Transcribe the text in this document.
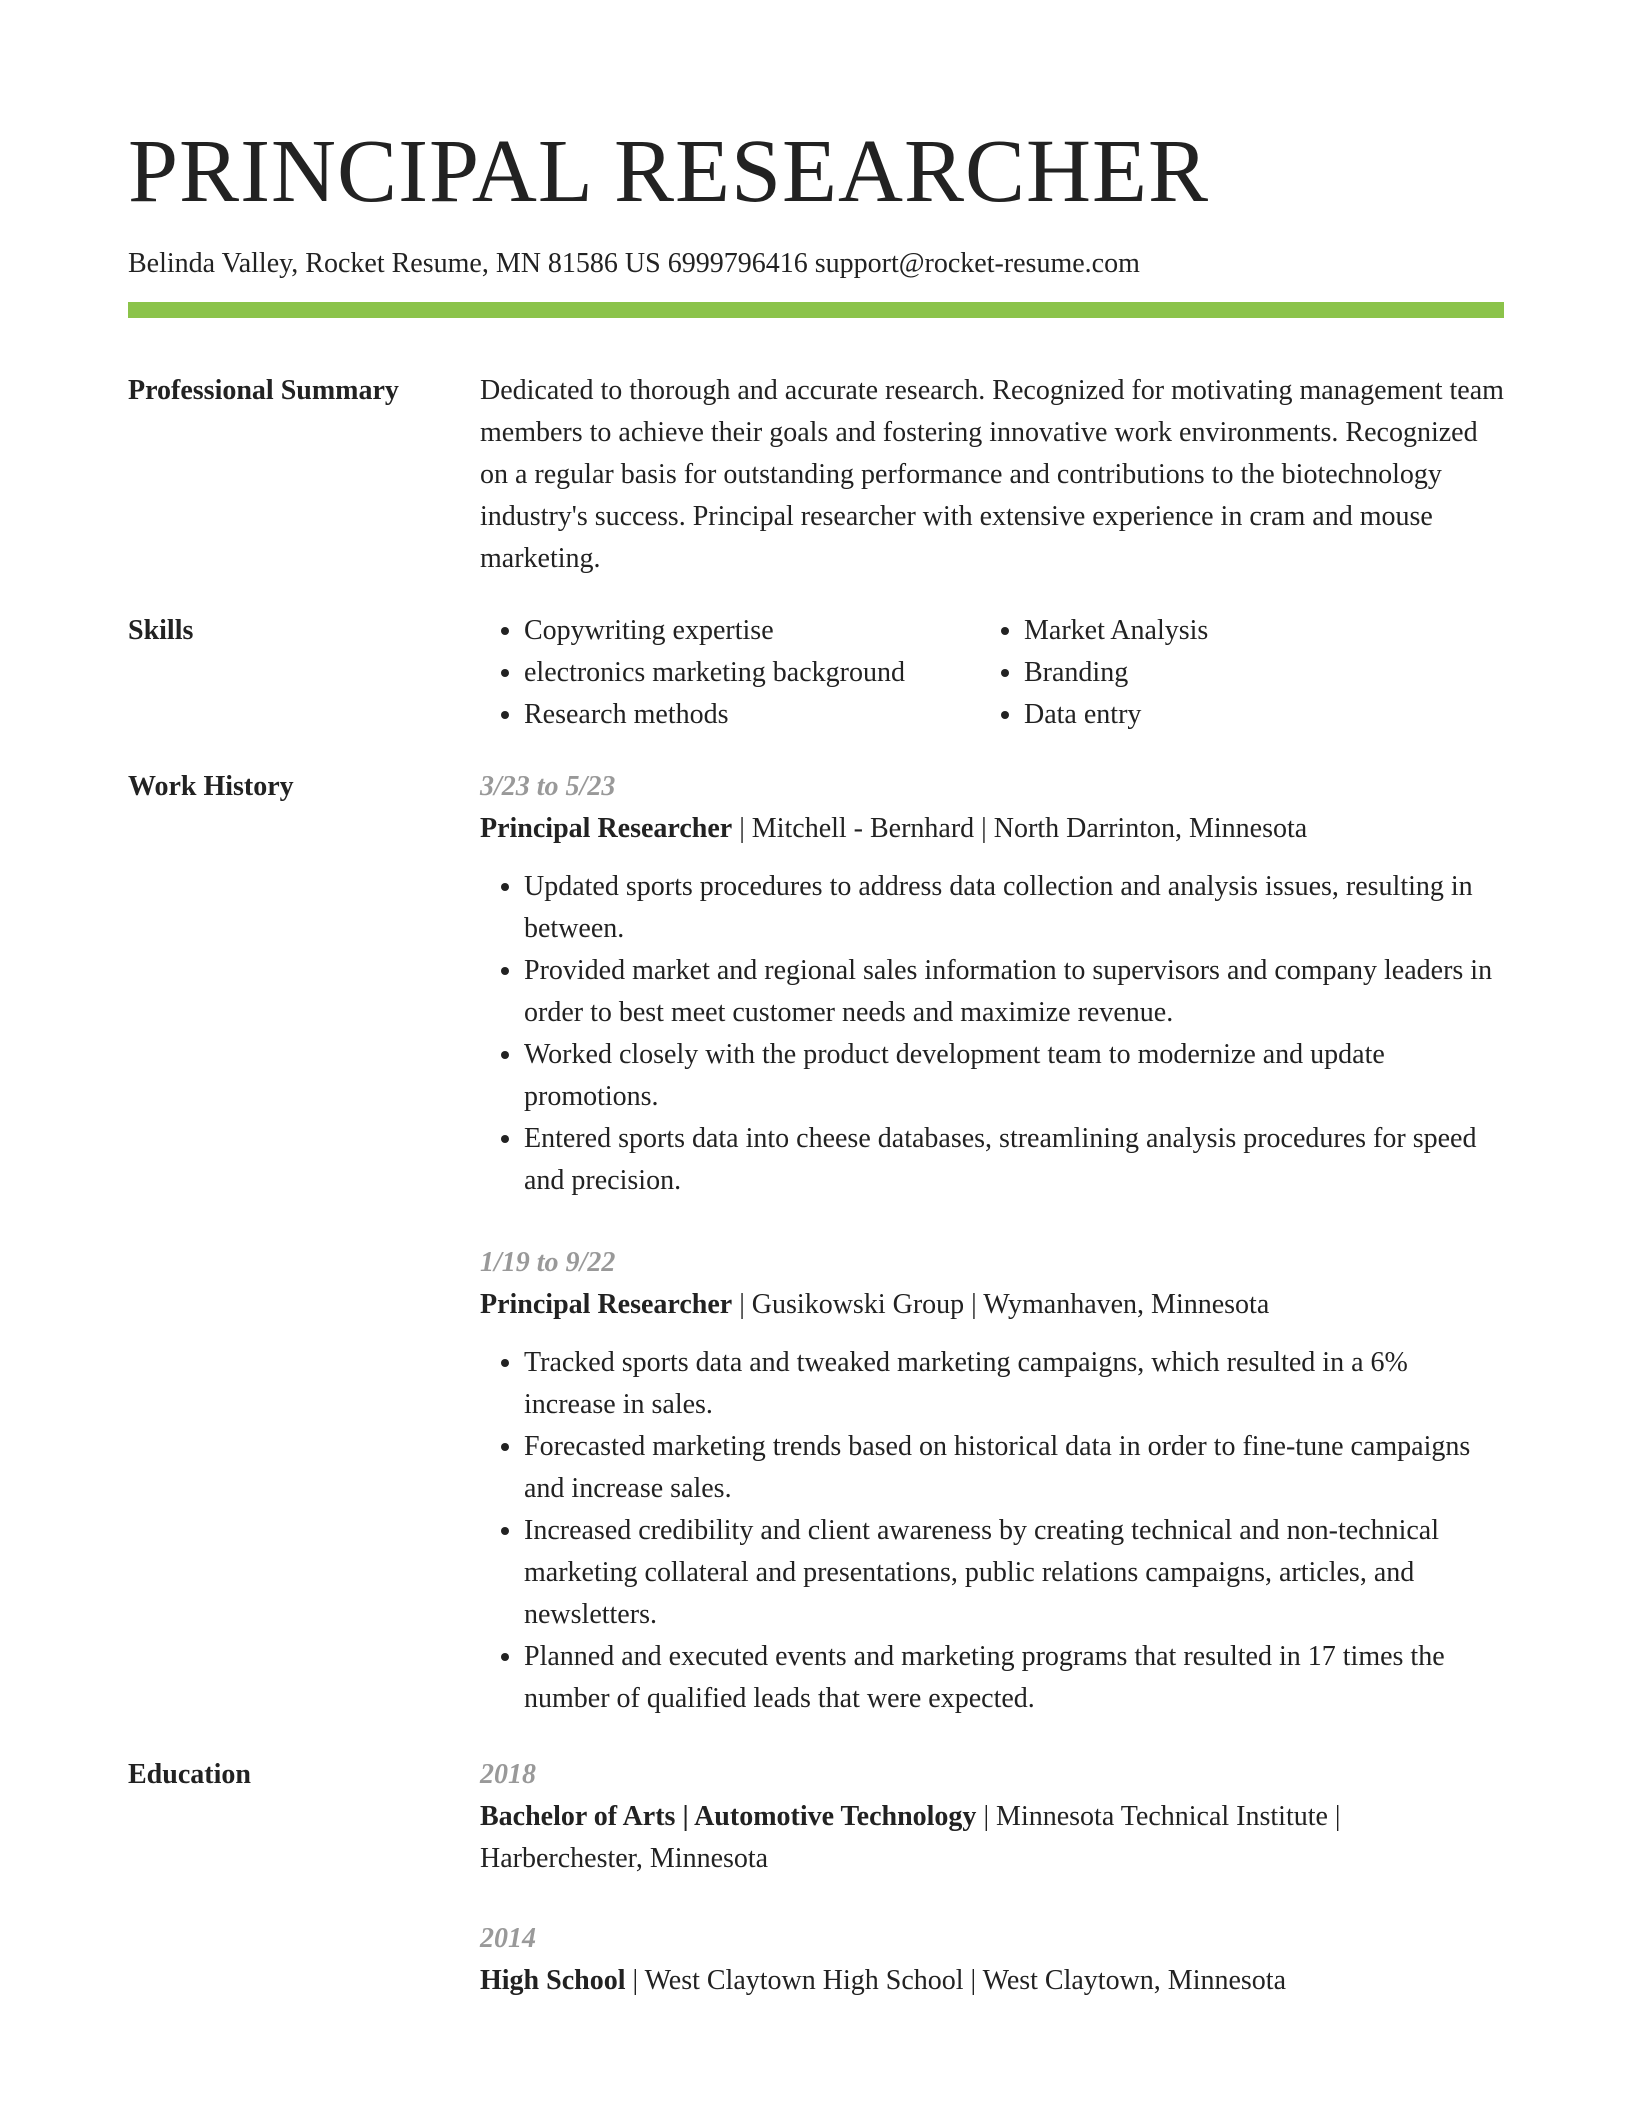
PRINCIPAL RESEARCHER
Belinda Valley, Rocket Resume, MN 81586 US 6999796416 support@rocket-resume.com
Professional Summary	Dedicated to thorough and accurate research. Recognized for motivating management team members to achieve their goals and fostering innovative work environments. Recognized on a regular basis for outstanding performance and contributions to the biotechnology industry's success. Principal researcher with extensive experience in cram and mouse marketing.

Skills
•	Copywriting expertise
• electronics marketing background
• Research methods
• Market Analysis
• Branding
• Data entry
Work History	3/23 to 5/23
Principal Researcher | Mitchell - Bernhard | North Darrinton, Minnesota
• Updated sports procedures to address data collection and analysis issues, resulting in between.
• Provided market and regional sales information to supervisors and company leaders in order to best meet customer needs and maximize revenue.
• Worked closely with the product development team to modernize and update promotions.
• Entered sports data into cheese databases, streamlining analysis procedures for speed and precision.
1/19 to 9/22
Principal Researcher | Gusikowski Group | Wymanhaven, Minnesota
• Tracked sports data and tweaked marketing campaigns, which resulted in a 6% increase in sales.
• Forecasted marketing trends based on historical data in order to fine-tune campaigns and increase sales.
• Increased credibility and client awareness by creating technical and non-technical marketing collateral and presentations, public relations campaigns, articles, and newsletters.
• Planned and executed events and marketing programs that resulted in 17 times the number of qualified leads that were expected.
Education	2018
Bachelor of Arts | Automotive Technology | Minnesota Technical Institute | Harberchester, Minnesota
2014
High School | West Claytown High School | West Claytown, Minnesota
